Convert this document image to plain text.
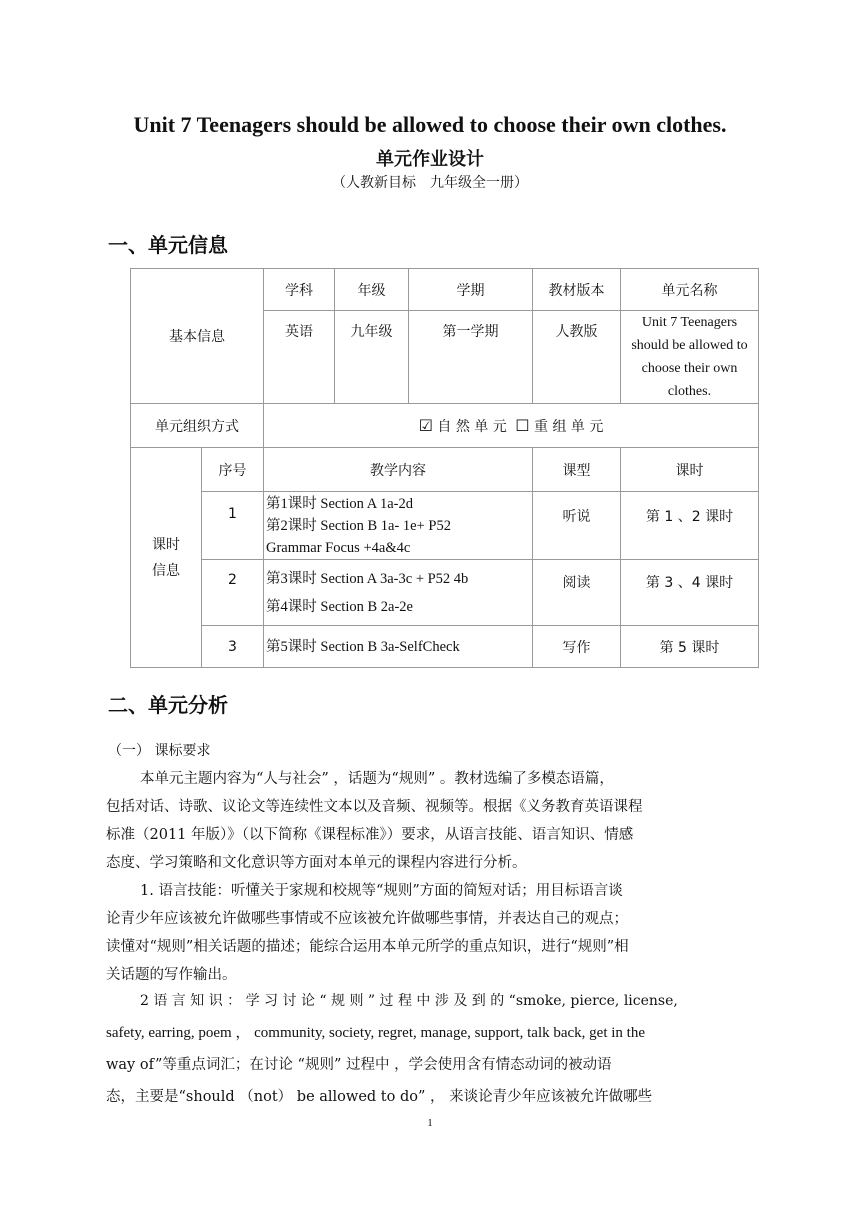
Unit 7 Teenagers should be allowed to choose their own clothes.
单元作业设计
（人教新目标　九年级全一册）
一、单元信息
基本信息		学科	年级	学期	教材版本	单元名称
		英语	九年级	第一学期	人教版	Unit 7 Teenagers
should be allowed to
choose their own
clothes.

单元组织方式		☑ 自 然 单 元 ☐ 重 组 单 元				

课时
信息	序号	教学内容			课型	课时
	1	第1课时 Section A 1a-2d
第2课时 Section B 1a- 1e+ P52
Grammar Focus +4a&4c			听说	第 1 、2 课时
	2	第3课时 Section A 3a-3c + P52 4b
第4课时 Section B 2a-2e			阅读	第 3 、4 课时
	3	第5课时 Section B 3a-SelfCheck			写作	第 5 课时
二、单元分析
（一） 课标要求
本单元主题内容为“人与社会” ，话题为“规则” 。教材选编了多模态语篇，
包括对话、诗歌、议论文等连续性文本以及音频、视频等。根据《义务教育英语课程
标准（2011 年版）》（以下简称《课程标准》）要求，从语言技能、语言知识、情感
态度、学习策略和文化意识等方面对本单元的课程内容进行分析。
1. 语言技能：听懂关于家规和校规等“规则”方面的简短对话；用目标语言谈
论青少年应该被允许做哪些事情或不应该被允许做哪些事情，并表达自己的观点；
读懂对“规则”相关话题的描述；能综合运用本单元所学的重点知识，进行“规则”相
关话题的写作输出。
2 语 言 知 识 ： 学 习 讨 论 “ 规 则 ” 过 程 中 涉 及 到 的 “smoke, pierce, license,
safety, earring, poem ， community, society, regret, manage, support, talk back, get in the
way of”等重点词汇；在讨论 “规则” 过程中 ，学会使用含有情态动词的被动语
态，主要是“should （not） be allowed to do” ， 来谈论青少年应该被允许做哪些
1
